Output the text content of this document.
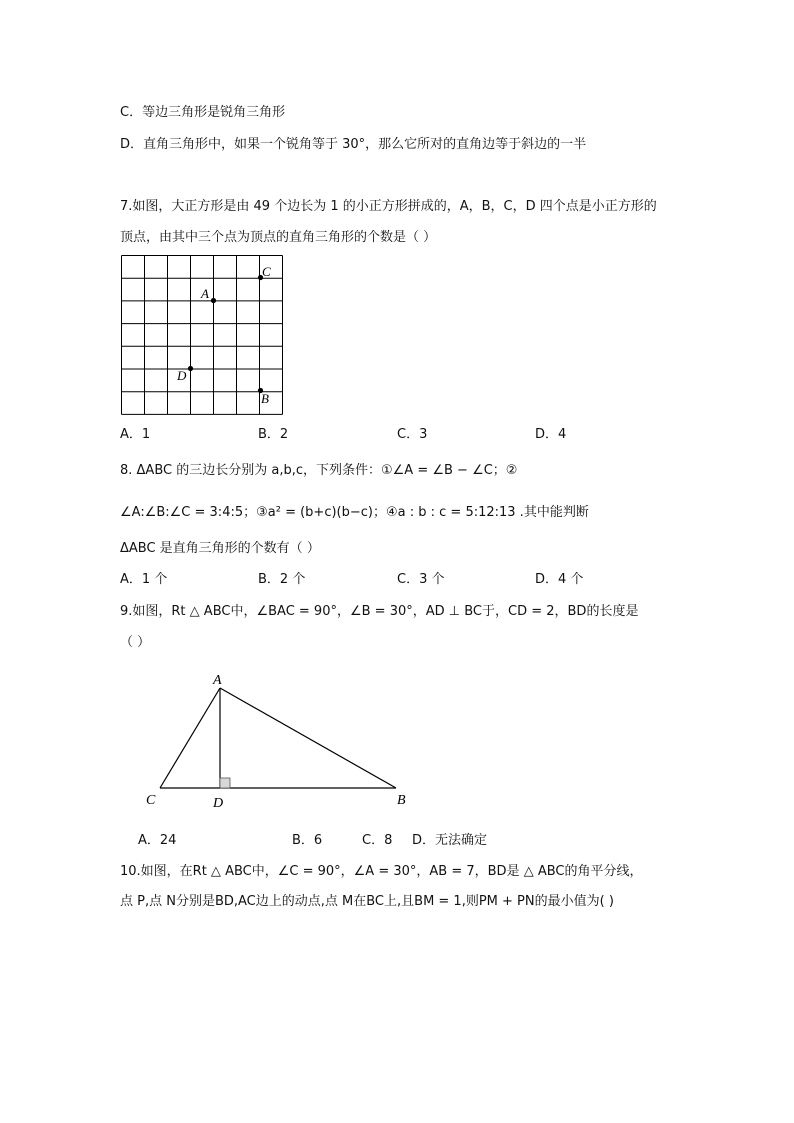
C．等边三角形是锐角三角形
D．直角三角形中，如果一个锐角等于 30°，那么它所对的直角边等于斜边的一半
7.如图，大正方形是由 49 个边长为 1 的小正方形拼成的，A，B，C，D 四个点是小正方形的
顶点，由其中三个点为顶点的直角三角形的个数是（ ）
C
A
D
B
A．1	B．2	C．3	D．4
8. ΔABC 的三边长分别为 a,b,c，下列条件：①∠A = ∠B − ∠C；②
∠A:∠B:∠C = 3:4:5；③a² = (b+c)(b−c)；④a : b : c = 5:12:13 .其中能判断
ΔABC 是直角三角形的个数有（ ）
A．1 个	B．2 个	C．3 个	D．4 个
9.如图，Rt △ ABC中，∠BAC = 90°，∠B = 30°，AD ⊥ BC于，CD = 2，BD的长度是
（ ）
A
C	D	B
A．24	B．6	C．8 D．无法确定
10.如图，在Rt △ ABC中，∠C = 90°，∠A = 30°，AB = 7，BD是 △ ABC的角平分线，
点 P,点 N分别是BD,AC边上的动点,点 M在BC上,且BM = 1,则PM + PN的最小值为( )
